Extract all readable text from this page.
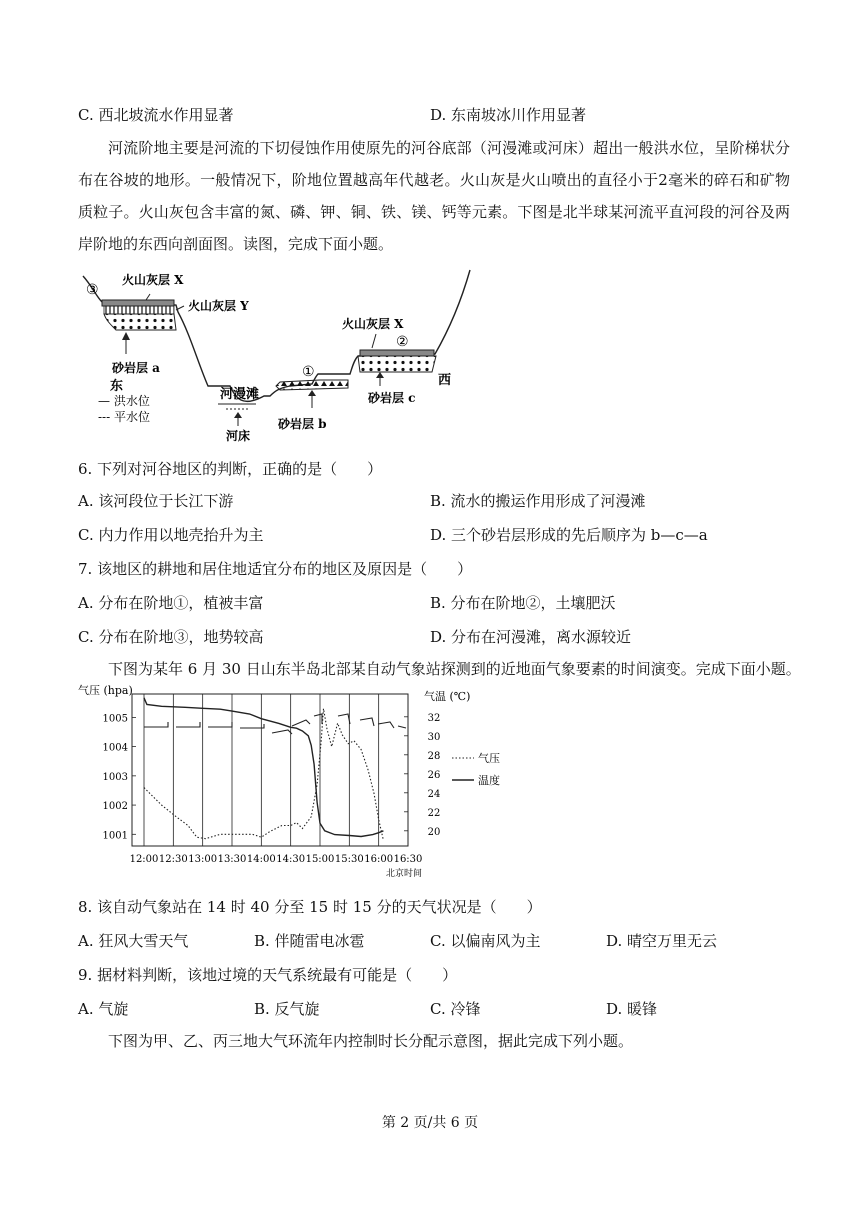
C. 西北坡流水作用显著	D. 东南坡冰川作用显著
河流阶地主要是河流的下切侵蚀作用使原先的河谷底部（河漫滩或河床）超出一般洪水位，呈阶梯状分布在谷坡的地形。一般情况下，阶地位置越高年代越老。火山灰是火山喷出的直径小于2毫米的碎石和矿物质粒子。火山灰包含丰富的氮、磷、钾、铜、铁、镁、钙等元素。下图是北半球某河流平直河段的河谷及两岸阶地的东西向剖面图。读图，完成下面小题。
③
火山灰层 X
火山灰层 Y
砂岩层 a
东
— 洪水位
--- 平水位
河漫滩
河床
①
砂岩层 b
火山灰层 X
②
砂岩层 c
西
6. 下列对河谷地区的判断，正确的是（　　）
A. 该河段位于长江下游	B. 流水的搬运作用形成了河漫滩
C. 内力作用以地壳抬升为主	D. 三个砂岩层形成的先后顺序为 b—c—a
7. 该地区的耕地和居住地适宜分布的地区及原因是（　　）
A. 分布在阶地①，植被丰富	B. 分布在阶地②，土壤肥沃
C. 分布在阶地③，地势较高	D. 分布在河漫滩，离水源较近
下图为某年 6 月 30 日山东半岛北部某自动气象站探测到的近地面气象要素的时间演变。完成下面小题。
气压 (hpa)	气温 (℃)
北京时间
12:00 12:30 13:00 13:30 14:00 14:30 15:00 15:30 16:00 16:30
1001
1002
1003
1004
1005
20
22
24
26
28
30
32
气压
温度
8. 该自动气象站在 14 时 40 分至 15 时 15 分的天气状况是（　　）
A. 狂风大雪天气	B. 伴随雷电冰雹	C. 以偏南风为主	D. 晴空万里无云
9. 据材料判断，该地过境的天气系统最有可能是（　　）
A. 气旋	B. 反气旋	C. 冷锋	D. 暖锋
下图为甲、乙、丙三地大气环流年内控制时长分配示意图，据此完成下列小题。
第 2 页/共 6 页
